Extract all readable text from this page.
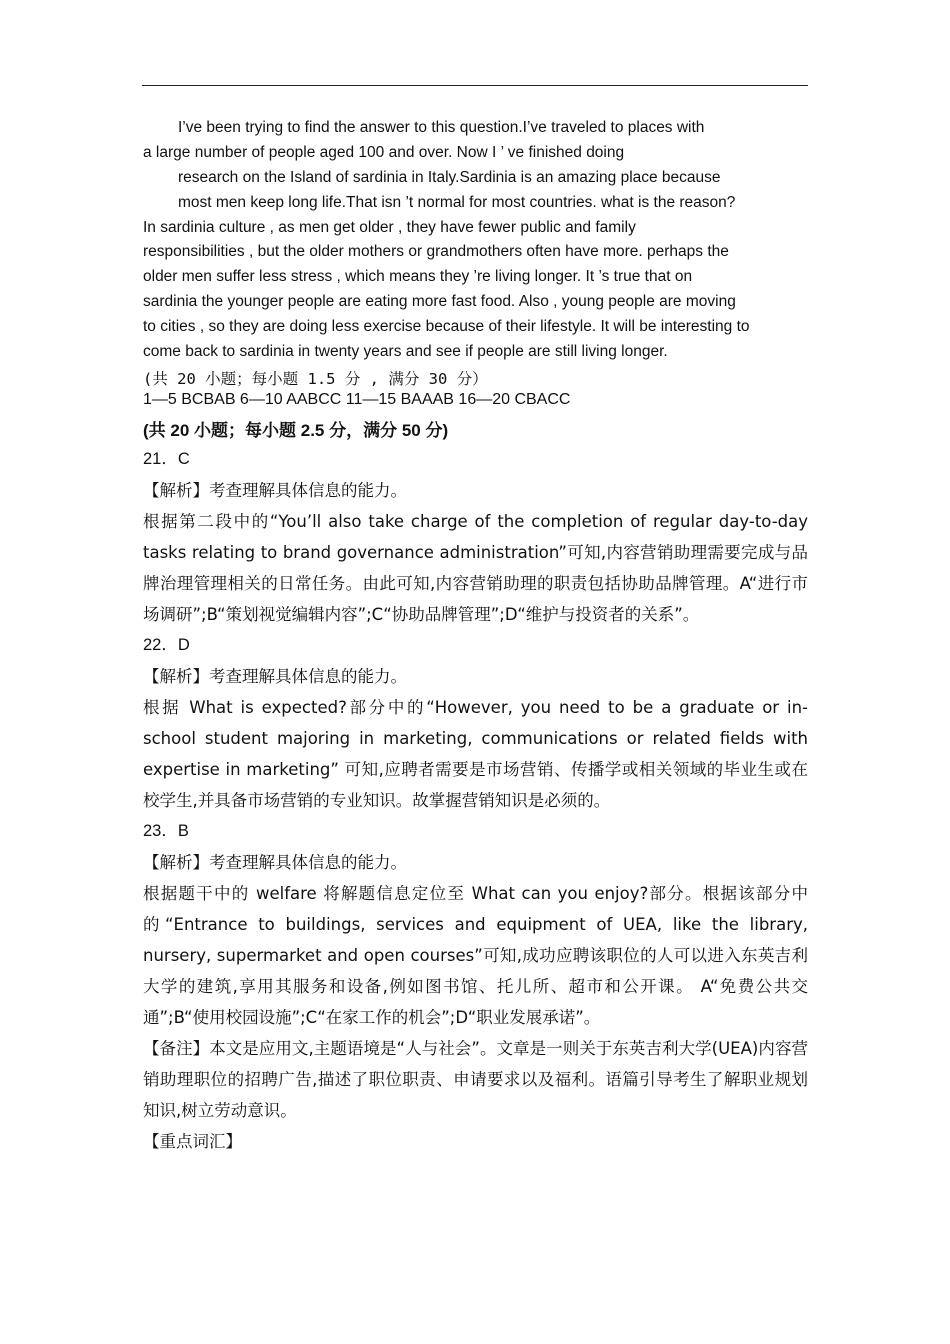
I’ve been trying to find the answer to this question.I’ve traveled to places with
a large number of people aged 100 and over. Now I ’ ve finished doing
research on the Island of sardinia in Italy.Sardinia is an amazing place because
most men keep long life.That isn ’t normal for most countries. what is the reason?
In sardinia culture , as men get older , they have fewer public and family
responsibilities , but the older mothers or grandmothers often have more. perhaps the
older men suffer less stress , which means they ’re living longer. It ’s true that on
sardinia the younger people are eating more fast food. Also , young people are moving
to cities , so they are doing less exercise because of their lifestyle. It will be interesting to
come back to sardinia in twenty years and see if people are still living longer.
(共 20 小题；每小题 1.5 分 , 满分 30 分）
1—5 BCBAB 6—10 AABCC 11—15 BAAAB 16—20 CBACC
(共 20 小题；每小题 2.5 分，满分 50 分)

21．C

【解析】考查理解具体信息的能力。

根据第二段中的“You’ll also take charge of the completion of regular day-to-day tasks relating to brand governance administration”可知,内容营销助理需要完成与品牌治理管理相关的日常任务。由此可知,内容营销助理的职责包括协助品牌管理。A“进行市场调研”;B“策划视觉编辑内容”;C“协助品牌管理”;D“维护与投资者的关系”。

22．D

【解析】考查理解具体信息的能力。

根据 What is expected?部分中的“However, you need to be a graduate or in-school student majoring in marketing, communications or related fields with expertise in marketing” 可知,应聘者需要是市场营销、传播学或相关领域的毕业生或在校学生,并具备市场营销的专业知识。故掌握营销知识是必须的。

23．B

【解析】考查理解具体信息的能力。

根据题干中的 welfare 将解题信息定位至 What can you enjoy?部分。根据该部分中的“Entrance to buildings, services and equipment of UEA, like the library, nursery, supermarket and open courses”可知,成功应聘该职位的人可以进入东英吉利大学的建筑,享用其服务和设备,例如图书馆、托儿所、超市和公开课。 A“免费公共交通”;B“使用校园设施”;C“在家工作的机会”;D“职业发展承诺”。

【备注】本文是应用文,主题语境是“人与社会”。文章是一则关于东英吉利大学(UEA)内容营销助理职位的招聘广告,描述了职位职责、申请要求以及福利。语篇引导考生了解职业规划知识,树立劳动意识。

【重点词汇】
